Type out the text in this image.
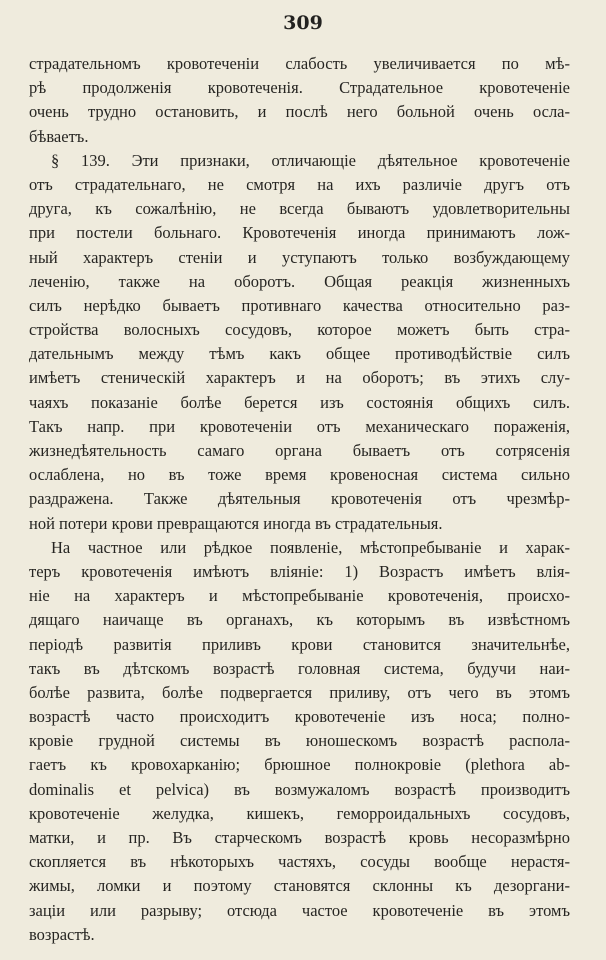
309
страдательномъ кровотеченіи слабость увеличивается по мѣ-
рѣ продолженія кровотеченія. Страдательное кровотеченіе
очень трудно остановить, и послѣ него больной очень осла-
бѣваетъ.
§ 139. Эти признаки, отличающіе дѣятельное кровотеченіе
отъ страдательнаго, не смотря на ихъ различіе другъ отъ
друга, къ сожалѣнію, не всегда бываютъ удовлетворительны
при постели больнаго. Кровотеченія иногда принимаютъ лож-
ный характеръ стеніи и уступаютъ только возбуждающему
леченію, также на оборотъ. Общая реакція жизненныхъ
силъ нерѣдко бываетъ противнаго качества относительно раз-
стройства волосныхъ сосудовъ, которое можетъ быть стра-
дательнымъ между тѣмъ какъ общее противодѣйствіе силъ
имѣетъ стеническій характеръ и на оборотъ; въ этихъ слу-
чаяхъ показаніе болѣе берется изъ состоянія общихъ силъ.
Такъ напр. при кровотеченіи отъ механическаго пораженія,
жизнедѣятельность самаго органа бываетъ отъ сотрясенія
ослаблена, но въ тоже время кровеносная система сильно
раздражена. Также дѣятельныя кровотеченія отъ чрезмѣр-
ной потери крови превращаются иногда въ страдательныя.
На частное или рѣдкое появленіе, мѣстопребываніе и харак-
теръ кровотеченія имѣютъ вліяніе: 1) Возрастъ имѣетъ влія-
ніе на характеръ и мѣстопребываніе кровотеченія, происхо-
дящаго наичаще въ органахъ, къ которымъ въ извѣстномъ
періодѣ развитія приливъ крови становится значительнѣе,
такъ въ дѣтскомъ возрастѣ головная система, будучи наи-
болѣе развита, болѣе подвергается приливу, отъ чего въ этомъ
возрастѣ часто происходитъ кровотеченіе изъ носа; полно-
кровіе грудной системы въ юношескомъ возрастѣ распола-
гаетъ къ кровохарканію; брюшное полнокровіе (plethora ab-
dominalis et pelvica) въ возмужаломъ возрастѣ производитъ
кровотеченіе желудка, кишекъ, геморроидальныхъ сосудовъ,
матки, и пр. Въ старческомъ возрастѣ кровь несоразмѣрно
скопляется въ нѣкоторыхъ частяхъ, сосуды вообще нерастя-
жимы, ломки и поэтому становятся склонны къ дезоргани-
заціи или разрыву; отсюда частое кровотеченіе въ этомъ
возрастѣ.
